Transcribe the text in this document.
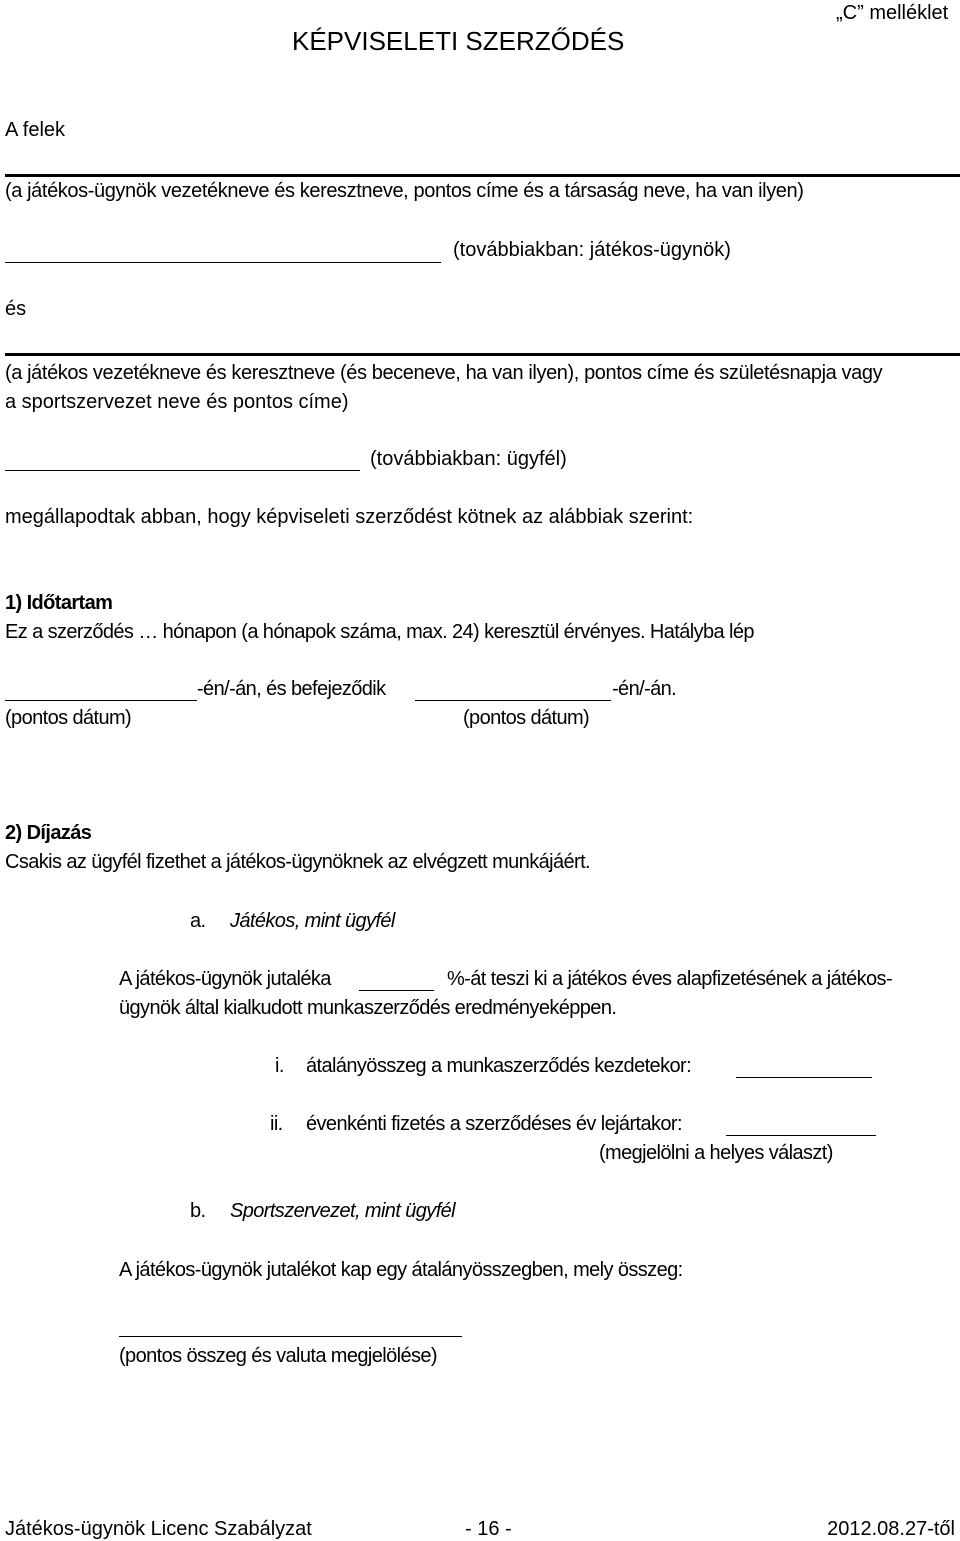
„C” melléklet
KÉPVISELETI SZERZŐDÉS
A felek
(a játékos-ügynök vezetékneve és keresztneve, pontos címe és a társaság neve, ha van ilyen)
(továbbiakban: játékos-ügynök)
és
(a játékos vezetékneve és keresztneve (és beceneve, ha van ilyen), pontos címe és születésnapja vagy
a sportszervezet neve és pontos címe)
(továbbiakban: ügyfél)
megállapodtak abban, hogy képviseleti szerződést kötnek az alábbiak szerint:
1) Időtartam
Ez a szerződés … hónapon (a hónapok száma, max. 24) keresztül érvényes. Hatályba lép
-én/-án, és befejeződik	-én/-án.
(pontos dátum)	(pontos dátum)
2) Díjazás
Csakis az ügyfél fizethet a játékos-ügynöknek az elvégzett munkájáért.
a. Játékos, mint ügyfél
A játékos-ügynök jutaléka	%-át teszi ki a játékos éves alapfizetésének a játékos-
ügynök által kialkudott munkaszerződés eredményeképpen.
i. átalányösszeg a munkaszerződés kezdetekor:
ii. évenkénti fizetés a szerződéses év lejártakor:
(megjelölni a helyes választ)
b. Sportszervezet, mint ügyfél
A játékos-ügynök jutalékot kap egy átalányösszegben, mely összeg:
(pontos összeg és valuta megjelölése)
Játékos-ügynök Licenc Szabályzat	- 16 -	2012.08.27-től
